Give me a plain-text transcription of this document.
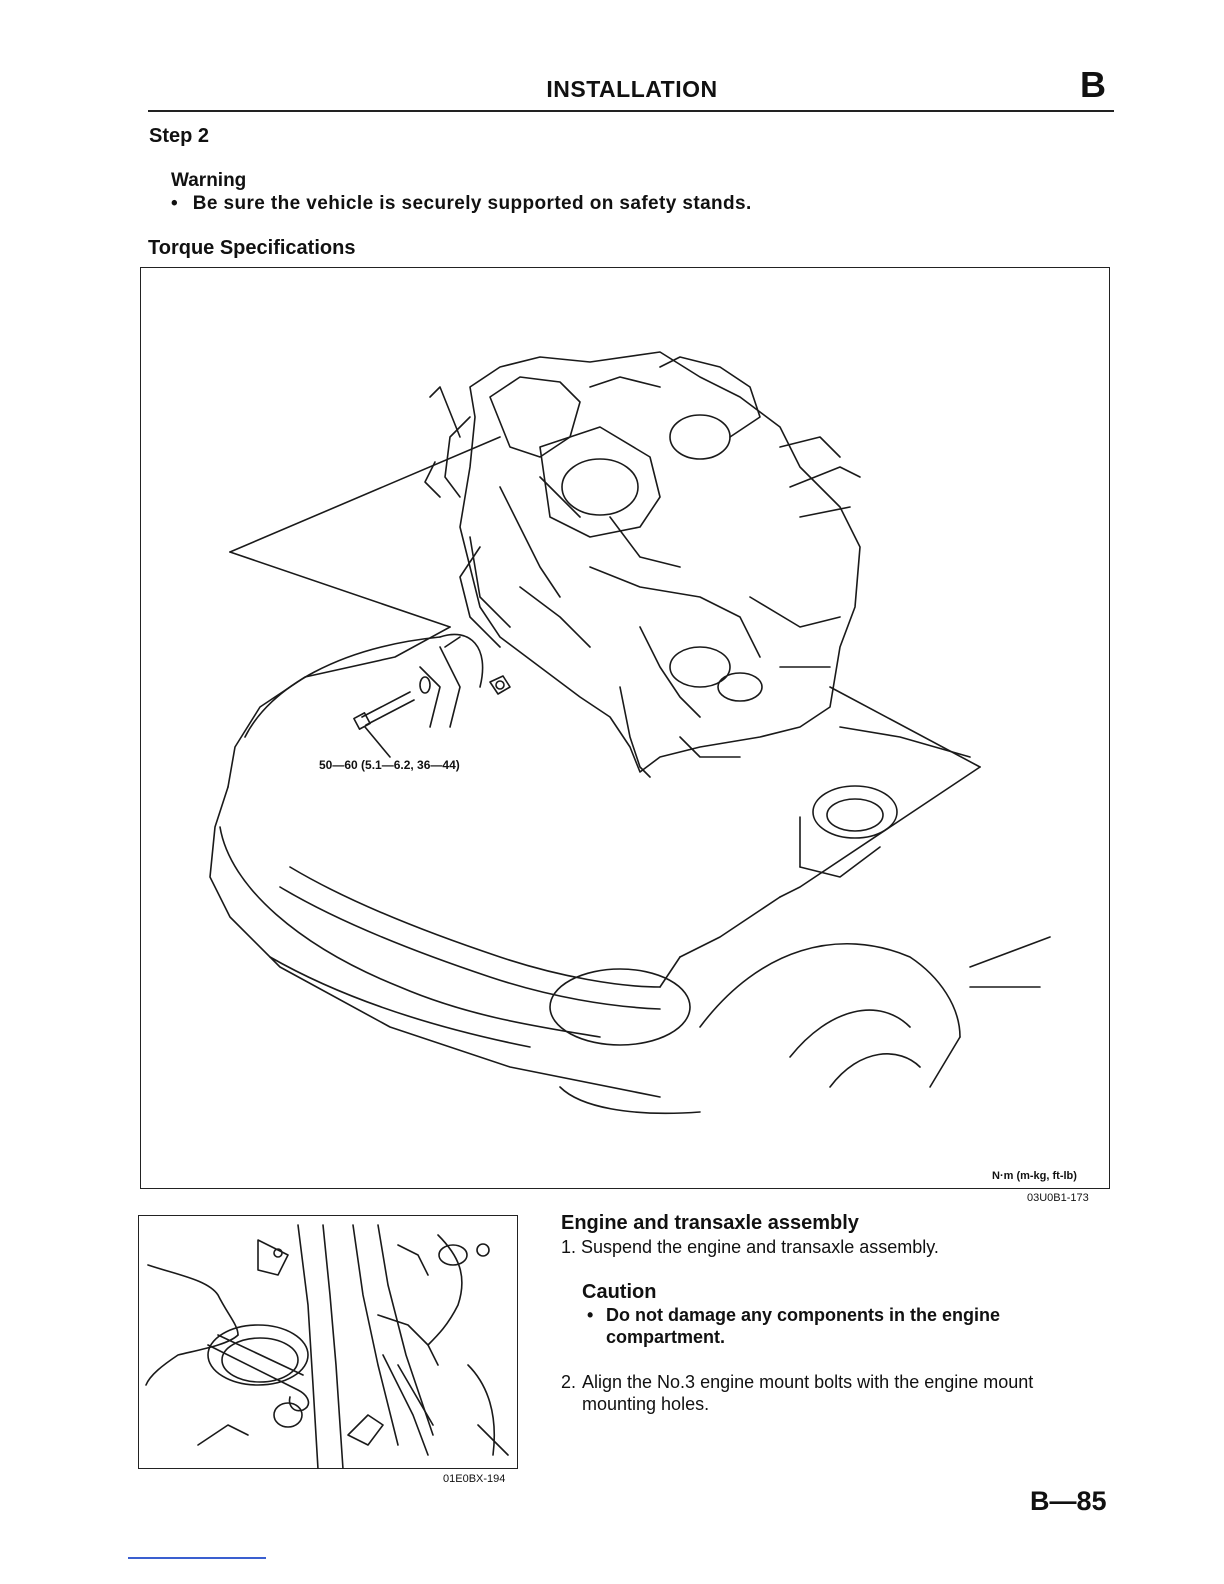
INSTALLATION	B
Step 2
Warning
• Be sure the vehicle is securely supported on safety stands.
Torque Specifications
50—60 (5.1—6.2, 36—44)
N·m (m-kg, ft-lb)
03U0B1-173
01E0BX-194
Engine and transaxle assembly
1. Suspend the engine and transaxle assembly.
Caution
• Do not damage any components in the engine compartment.
2. Align the No.3 engine mount bolts with the engine mount mounting holes.
B—85
